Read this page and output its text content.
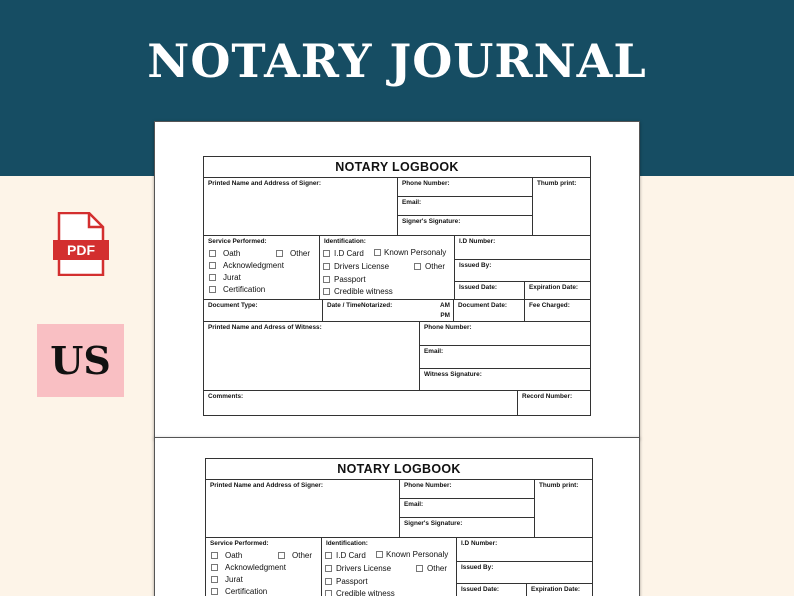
NOTARY JOURNAL
PDF
US
NOTARY LOGBOOK
Printed Name and Address of Signer:	Phone Number:
Email:
Signer's Signature:
Thumb print:
Service Performed:
Oath	Other
Acknowledgment
Jurat
Certification
Identification:
I.D Card	Known Personaly
Drivers License	Other
Passport
Credible witness
I.D Number:
Issued By:
Issued Date:	Expiration Date:
Document Type:	Date / TimeNotarized:	AM
PM
Document Date:	Fee Charged:
Printed Name and Adress of Witness:	Phone Number:
Email:
Witness Signature:
Comments:	Record Number:
NOTARY LOGBOOK
Printed Name and Address of Signer:	Phone Number:
Email:
Signer's Signature:
Thumb print:
Service Performed:
Oath	Other
Acknowledgment
Jurat
Certification
Identification:
I.D Card	Known Personaly
Drivers License	Other
Passport
Credible witness
I.D Number:
Issued By:
Issued Date:	Expiration Date:
